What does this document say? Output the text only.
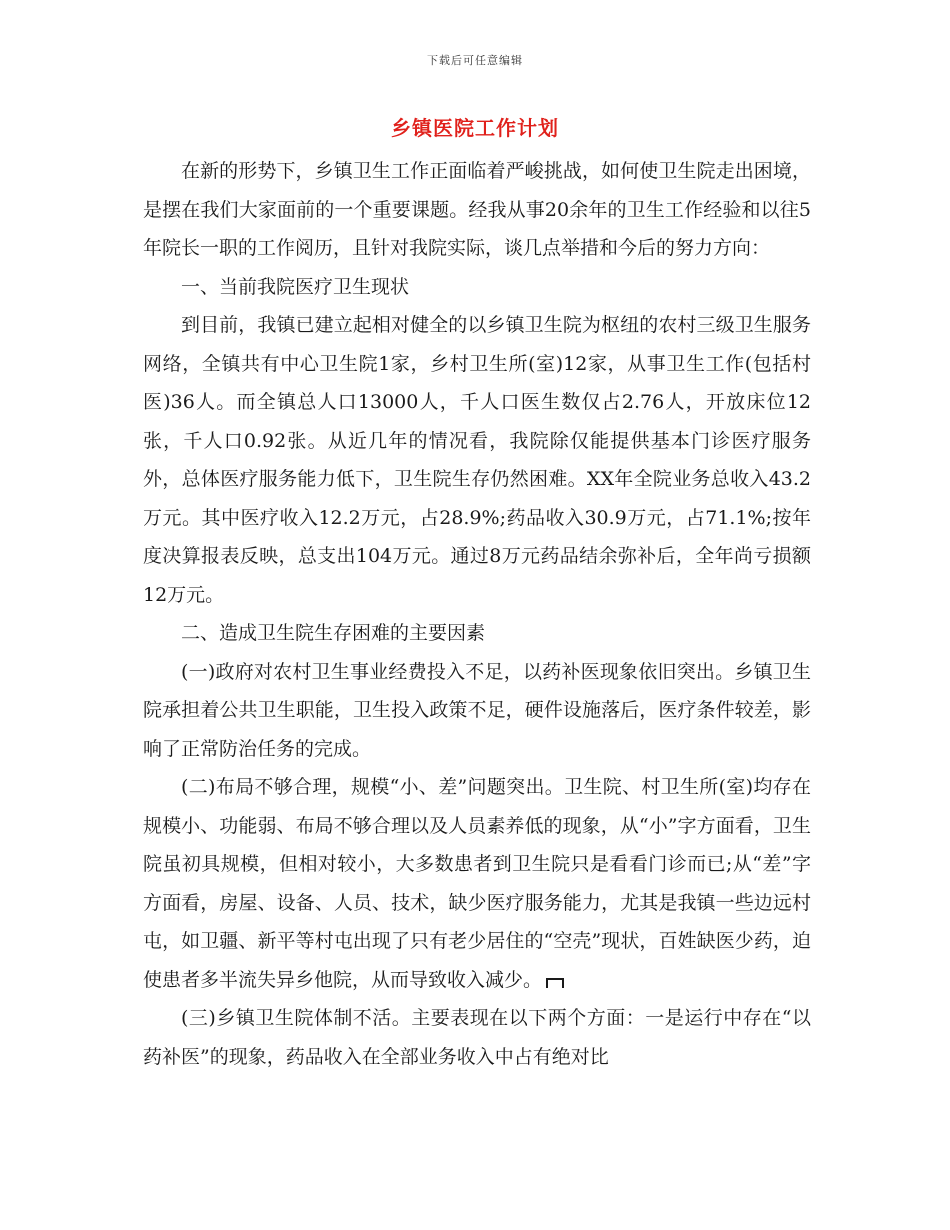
下载后可任意编辑
乡镇医院工作计划

在新的形势下，乡镇卫生工作正面临着严峻挑战，如何使卫生院走出困境，是摆在我们大家面前的一个重要课题。经我从事20余年的卫生工作经验和以往5年院长一职的工作阅历，且针对我院实际，谈几点举措和今后的努力方向：

一、当前我院医疗卫生现状

到目前，我镇已建立起相对健全的以乡镇卫生院为枢纽的农村三级卫生服务网络，全镇共有中心卫生院1家，乡村卫生所(室)12家，从事卫生工作(包括村医)36人。而全镇总人口13000人，千人口医生数仅占2.76人，开放床位12张，千人口0.92张。从近几年的情况看，我院除仅能提供基本门诊医疗服务外，总体医疗服务能力低下，卫生院生存仍然困难。XX年全院业务总收入43.2万元。其中医疗收入12.2万元，占28.9%;药品收入30.9万元，占71.1%;按年度决算报表反映，总支出104万元。通过8万元药品结余弥补后，全年尚亏损额12万元。

二、造成卫生院生存困难的主要因素

(一)政府对农村卫生事业经费投入不足，以药补医现象依旧突出。乡镇卫生院承担着公共卫生职能，卫生投入政策不足，硬件设施落后，医疗条件较差，影响了正常防治任务的完成。

(二)布局不够合理，规模“小、差”问题突出。卫生院、村卫生所(室)均存在规模小、功能弱、布局不够合理以及人员素养低的现象，从“小”字方面看，卫生院虽初具规模，但相对较小，大多数患者到卫生院只是看看门诊而已;从“差”字方面看，房屋、设备、人员、技术，缺少医疗服务能力，尤其是我镇一些边远村屯，如卫疆、新平等村屯出现了只有老少居住的“空壳”现状，百姓缺医少药，迫使患者多半流失异乡他院，从而导致收入减少。

(三)乡镇卫生院体制不活。主要表现在以下两个方面：一是运行中存在“以药补医”的现象，药品收入在全部业务收入中占有绝对比
